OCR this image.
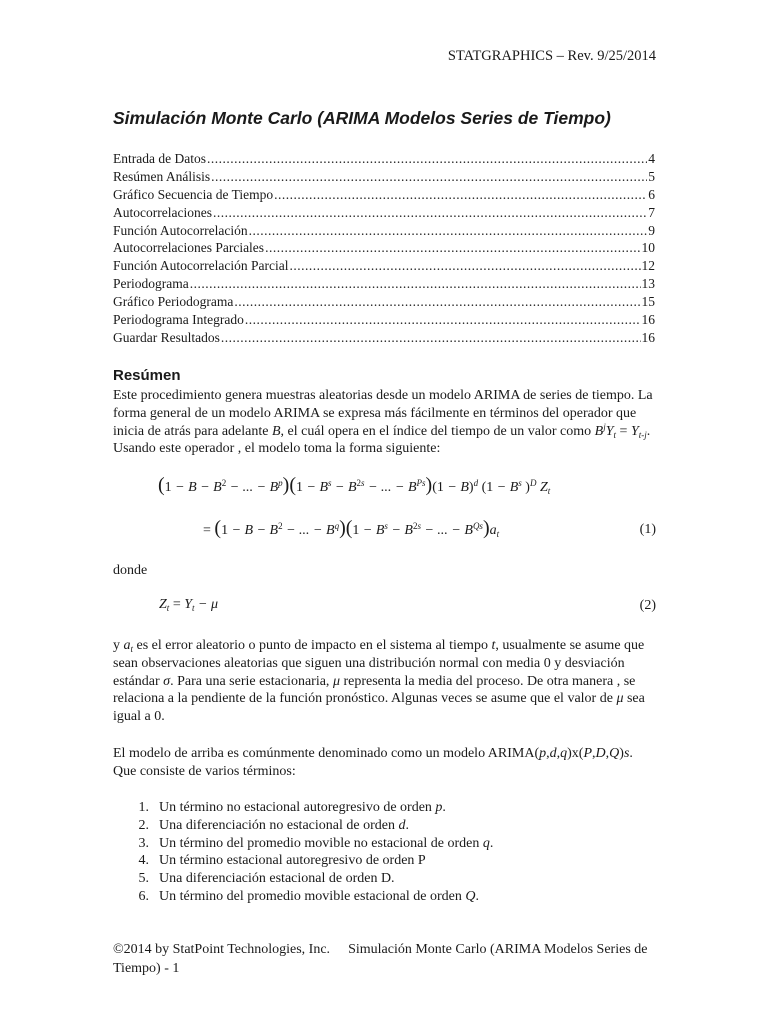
STATGRAPHICS – Rev. 9/25/2014
Simulación Monte Carlo (ARIMA Modelos Series de Tiempo)
Entrada de Datos .....	4
Resúmen Análisis .....	5
Gráfico Secuencia de Tiempo .....	6
Autocorrelaciones .....	7
Función Autocorrelación .....	9
Autocorrelaciones Parciales .....	10
Función Autocorrelación Parcial .....	12
Periodograma .....	13
Gráfico Periodograma .....	15
Periodograma Integrado .....	16
Guardar Resultados .....	16
Resúmen
Este procedimiento genera muestras aleatorias desde un modelo ARIMA de series de tiempo. La forma general de un modelo ARIMA se expresa más fácilmente en términos del operador que inicia de atrás para adelante B, el cuál opera en el índice del tiempo de un valor como $B^jY_t = Y_{t-j}$. Usando este operador , el modelo toma la forma siguiente:
($1 - B - B^2$ − ... − $B^p)(1 - B^s - B^{2s}$ − ... − $B^{Ps})(1 - B)^d$ ($1 - B^s$ )$^D$ $Z_t$
= ($1 - B - B^2$ − ... − $B^q)(1 - B^s - B^{2s}$ − ... − $B^{Qs})a_t$	(1)
donde
$Z_t = Y_t - \mu$	(2)
y $a_t$ es el error aleatorio o punto de impacto en el sistema al tiempo t, usualmente se asume que sean observaciones aleatorias que siguen una distribución normal con media 0 y desviación estándar σ. Para una serie estacionaria, μ representa la media del proceso. De otra manera , se relaciona a la pendiente de la función pronóstico. Algunas veces se asume que el valor de μ sea igual a 0.
El modelo de arriba es comúnmente denominado como un modelo ARIMA(p,d,q)x(P,D,Q)s. Que consiste de varios términos:
1. Un término no estacional autoregresivo de orden p.
2. Una diferenciación no estacional de orden d.
3. Un término del promedio movible no estacional de orden q.
4. Un término estacional autoregresivo de orden P
5. Una diferenciación estacional de orden D.
6. Un término del promedio movible estacional de orden Q.
©2014 by StatPoint Technologies, Inc. Simulación Monte Carlo (ARIMA Modelos Series de Tiempo) - 1
